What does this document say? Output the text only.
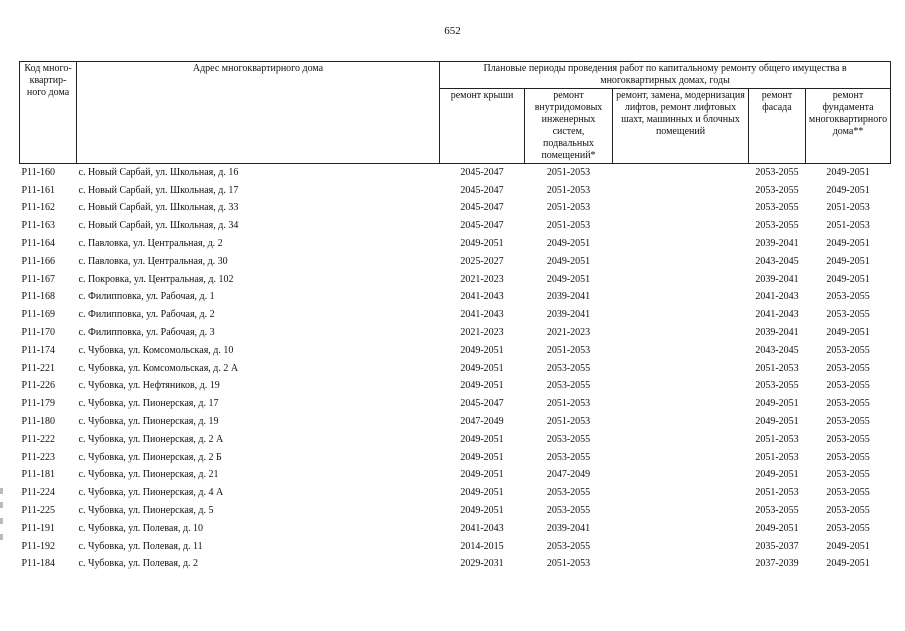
652
Код много-квартир-ного дома	Адрес многоквартирного дома	Плановые периоды проведения работ по капитальному ремонту общего имущества в многоквартирных домах, годы				
		ремонт крыши	ремонт внутридомовых инженерных систем, подвальных помещений*	ремонт, замена, модернизация лифтов, ремонт лифтовых шахт, машинных и блочных помещений	ремонт фасада	ремонт фундамента многоквартирного дома**
P11-160	с. Новый Сарбай, ул. Школьная, д. 16	2045-2047	2051-2053		2053-2055	2049-2051
P11-161	с. Новый Сарбай, ул. Школьная, д. 17	2045-2047	2051-2053		2053-2055	2049-2051
P11-162	с. Новый Сарбай, ул. Школьная, д. 33	2045-2047	2051-2053		2053-2055	2051-2053
P11-163	с. Новый Сарбай, ул. Школьная, д. 34	2045-2047	2051-2053		2053-2055	2051-2053
P11-164	с. Павловка, ул. Центральная, д. 2	2049-2051	2049-2051		2039-2041	2049-2051
P11-166	с. Павловка, ул. Центральная, д. 30	2025-2027	2049-2051		2043-2045	2049-2051
P11-167	с. Покровка, ул. Центральная, д. 102	2021-2023	2049-2051		2039-2041	2049-2051
P11-168	с. Филипповка, ул. Рабочая, д. 1	2041-2043	2039-2041		2041-2043	2053-2055
P11-169	с. Филипповка, ул. Рабочая, д. 2	2041-2043	2039-2041		2041-2043	2053-2055
P11-170	с. Филипповка, ул. Рабочая, д. 3	2021-2023	2021-2023		2039-2041	2049-2051
P11-174	с. Чубовка, ул. Комсомольская, д. 10	2049-2051	2051-2053		2043-2045	2053-2055
P11-221	с. Чубовка, ул. Комсомольская, д. 2 А	2049-2051	2053-2055		2051-2053	2053-2055
P11-226	с. Чубовка, ул. Нефтяников, д. 19	2049-2051	2053-2055		2053-2055	2053-2055
P11-179	с. Чубовка, ул. Пионерская, д. 17	2045-2047	2051-2053		2049-2051	2053-2055
P11-180	с. Чубовка, ул. Пионерская, д. 19	2047-2049	2051-2053		2049-2051	2053-2055
P11-222	с. Чубовка, ул. Пионерская, д. 2 А	2049-2051	2053-2055		2051-2053	2053-2055
P11-223	с. Чубовка, ул. Пионерская, д. 2 Б	2049-2051	2053-2055		2051-2053	2053-2055
P11-181	с. Чубовка, ул. Пионерская, д. 21	2049-2051	2047-2049		2049-2051	2053-2055
P11-224	с. Чубовка, ул. Пионерская, д. 4 А	2049-2051	2053-2055		2051-2053	2053-2055
P11-225	с. Чубовка, ул. Пионерская, д. 5	2049-2051	2053-2055		2053-2055	2053-2055
P11-191	с. Чубовка, ул. Полевая, д. 10	2041-2043	2039-2041		2049-2051	2053-2055
P11-192	с. Чубовка, ул. Полевая, д. 11	2014-2015	2053-2055		2035-2037	2049-2051
P11-184	с. Чубовка, ул. Полевая, д. 2	2029-2031	2051-2053		2037-2039	2049-2051
